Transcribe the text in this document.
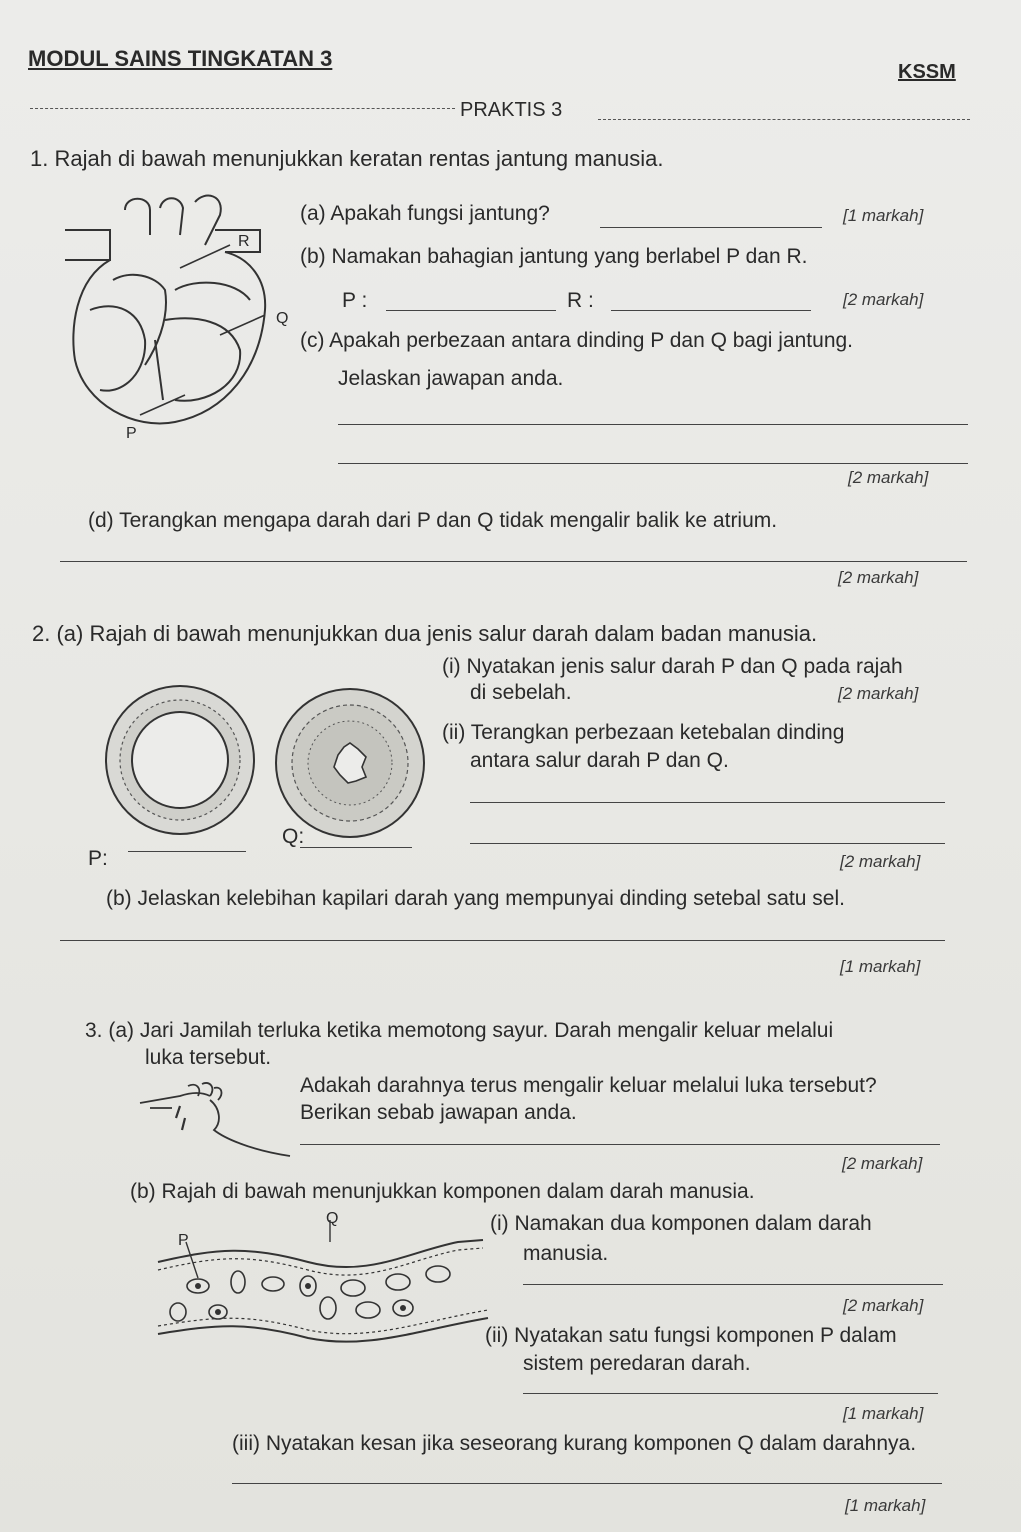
MODUL SAINS TINGKATAN 3
KSSM
PRAKTIS 3
1. Rajah di bawah menunjukkan keratan rentas jantung manusia.
R
Q
P
(a) Apakah fungsi jantung?	[1 markah]
(b) Namakan bahagian jantung yang berlabel P dan R.
P :	R :	[2 markah]
(c) Apakah perbezaan antara dinding P dan Q bagi jantung.
Jelaskan jawapan anda.
[2 markah]
(d) Terangkan mengapa darah dari P dan Q tidak mengalir balik ke atrium.
[2 markah]
2. (a) Rajah di bawah menunjukkan dua jenis salur darah dalam badan manusia.
(i) Nyatakan jenis salur darah P dan Q pada rajah
di sebelah.	[2 markah]
(ii) Terangkan perbezaan ketebalan dinding
antara salur darah P dan Q.
P:
Q:
[2 markah]
(b) Jelaskan kelebihan kapilari darah yang mempunyai dinding setebal satu sel.
[1 markah]
3. (a) Jari Jamilah terluka ketika memotong sayur. Darah mengalir keluar melalui
luka tersebut.
Adakah darahnya terus mengalir keluar melalui luka tersebut?
Berikan sebab jawapan anda.
[2 markah]
(b) Rajah di bawah menunjukkan komponen dalam darah manusia.
P
Q	(i) Namakan dua komponen dalam darah
manusia.
[2 markah]
(ii) Nyatakan satu fungsi komponen P dalam
sistem peredaran darah.
[1 markah]
(iii) Nyatakan kesan jika seseorang kurang komponen Q dalam darahnya.
[1 markah]
